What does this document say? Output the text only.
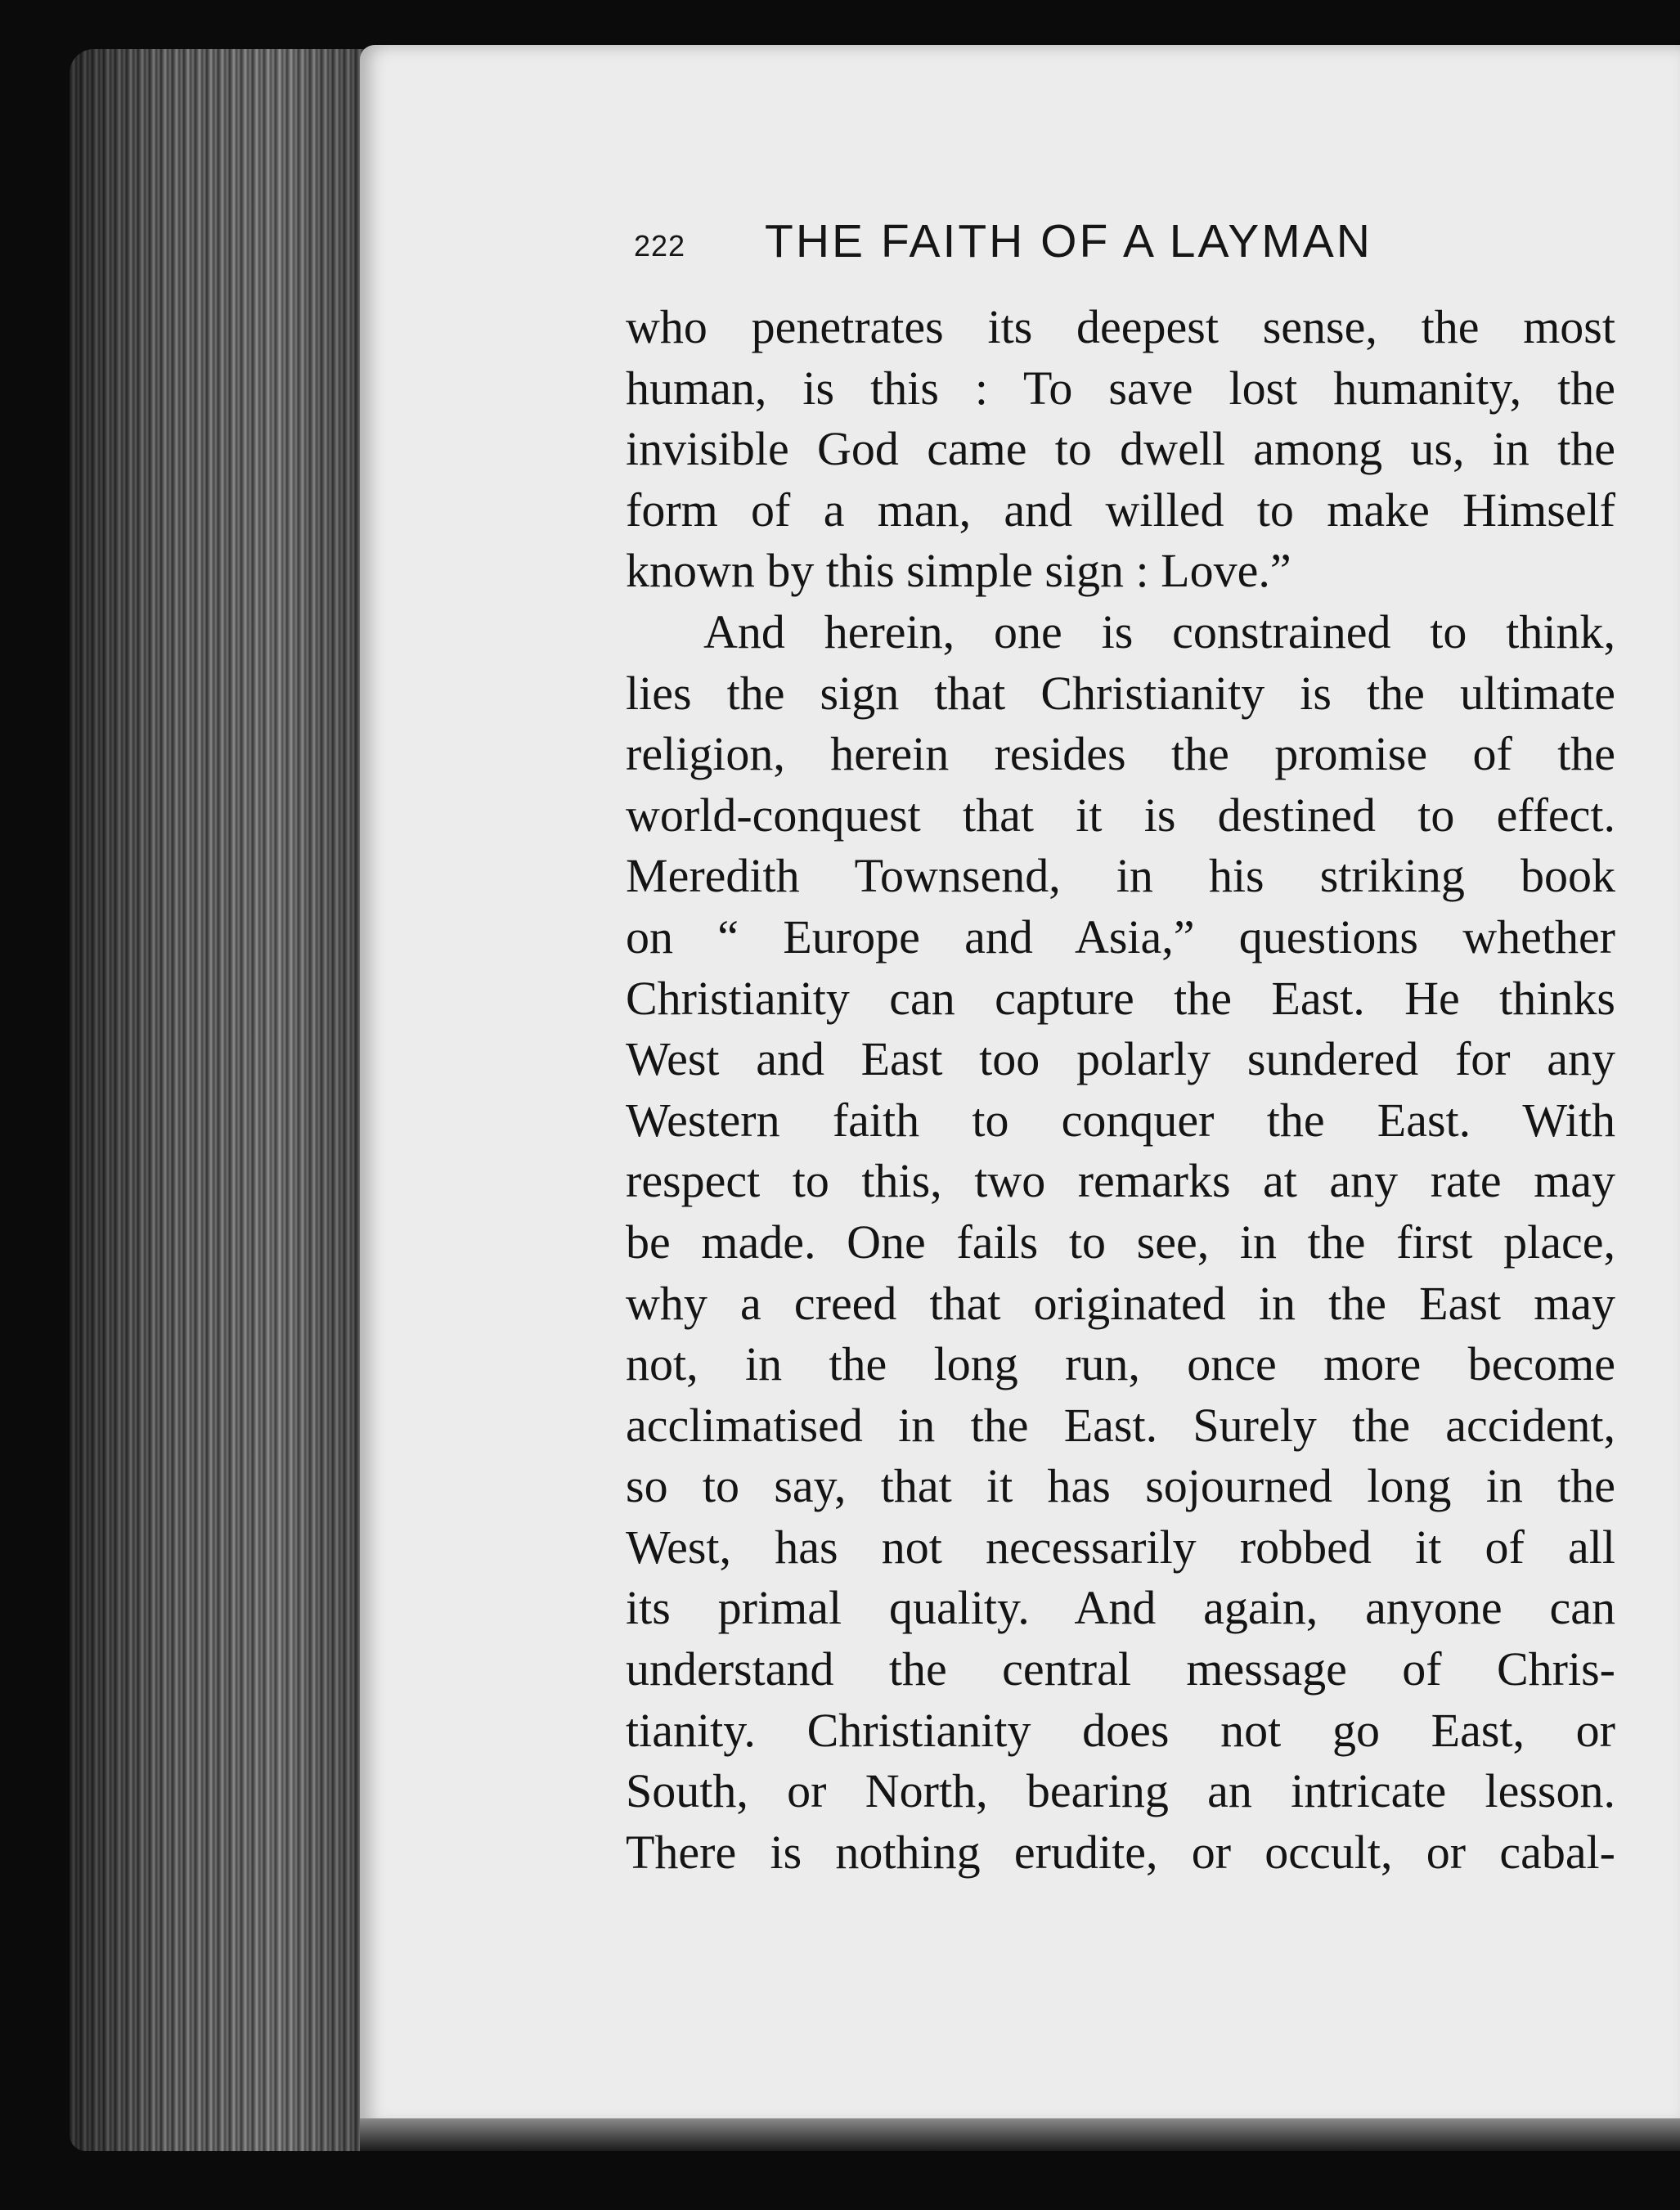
222 THE FAITH OF A LAYMAN
who penetrates its deepest sense, the most
human, is this : To save lost humanity, the
invisible God came to dwell among us, in the
form of a man, and willed to make Himself
known by this simple sign : Love.”
And herein, one is constrained to think,
lies the sign that Christianity is the ultimate
religion, herein resides the promise of the
world-conquest that it is destined to effect.
Meredith Townsend, in his striking book
on “ Europe and Asia,” questions whether
Christianity can capture the East. He thinks
West and East too polarly sundered for any
Western faith to conquer the East. With
respect to this, two remarks at any rate may
be made. One fails to see, in the first place,
why a creed that originated in the East may
not, in the long run, once more become
acclimatised in the East. Surely the accident,
so to say, that it has sojourned long in the
West, has not necessarily robbed it of all
its primal quality. And again, anyone can
understand the central message of Chris-
tianity. Christianity does not go East, or
South, or North, bearing an intricate lesson.
There is nothing erudite, or occult, or cabal-
